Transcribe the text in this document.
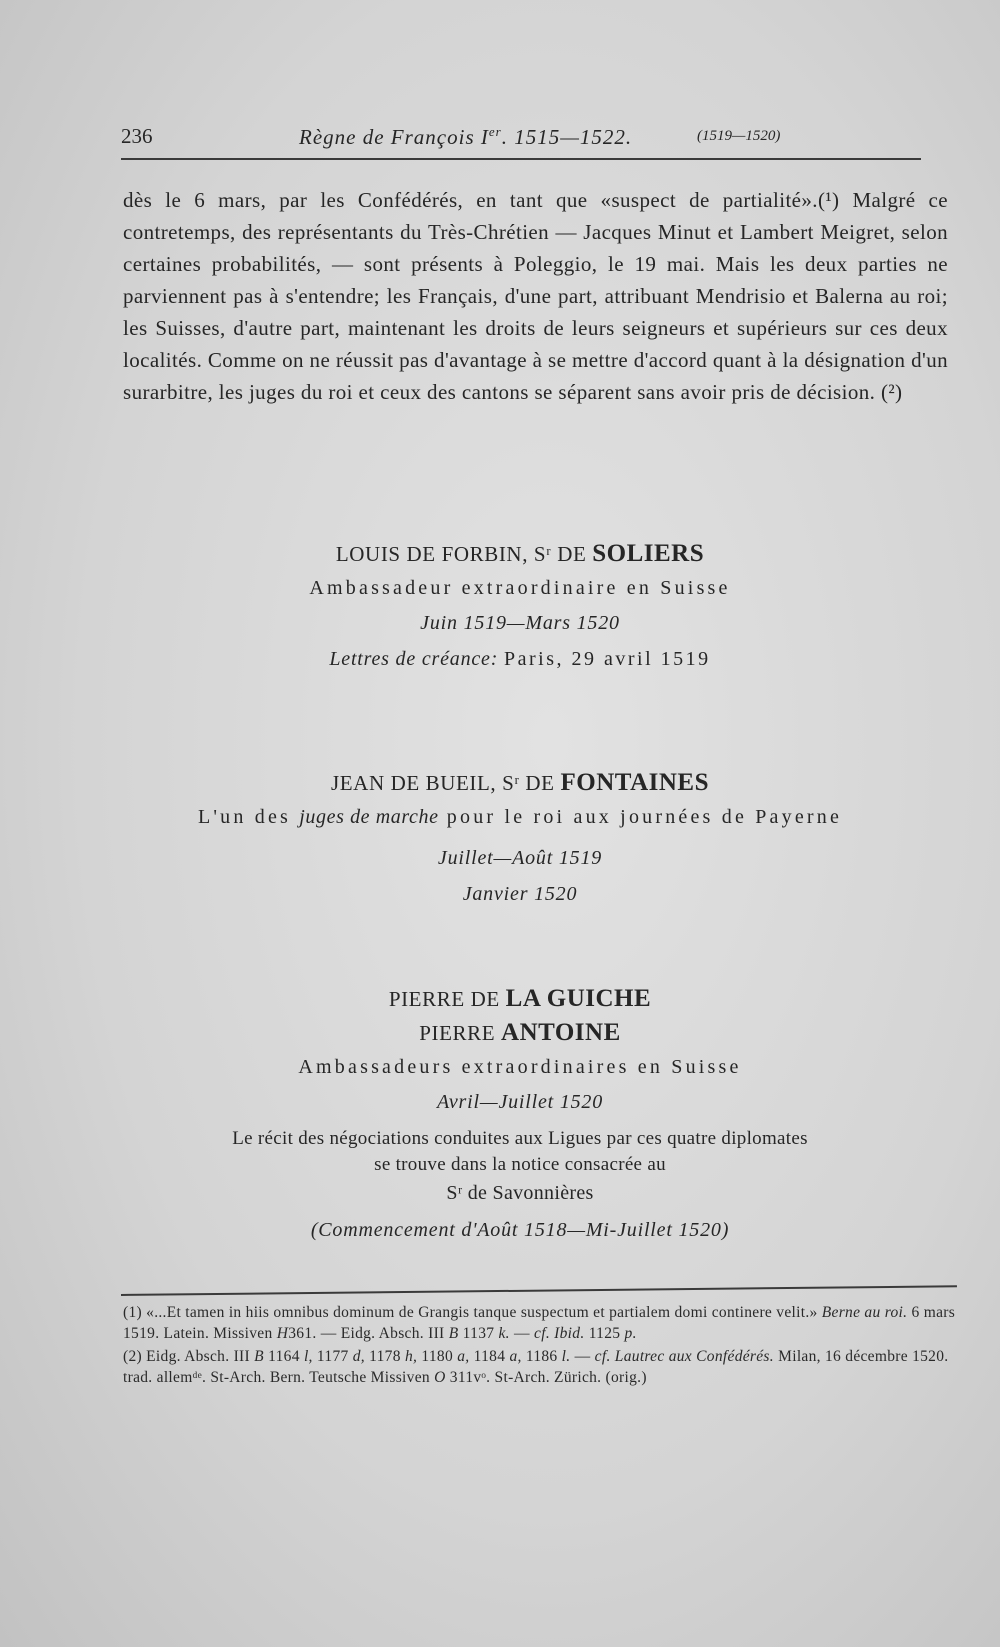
236	Règne de François Ier. 1515—1522.	(1519—1520)

dès le 6 mars, par les Confédérés, en tant que «suspect de partialité».(¹) Malgré ce contretemps, des représentants du Très-Chrétien — Jacques Minut et Lambert Meigret, selon certaines probabilités, — sont présents à Poleggio, le 19 mai. Mais les deux parties ne parviennent pas à s'entendre; les Français, d'une part, attribuant Mendrisio et Balerna au roi; les Suisses, d'autre part, maintenant les droits de leurs seigneurs et supérieurs sur ces deux localités. Comme on ne réussit pas d'avantage à se mettre d'accord quant à la désignation d'un surarbitre, les juges du roi et ceux des cantons se séparent sans avoir pris de décision. (²)

LOUIS DE FORBIN, Sʳ DE SOLIERS
Ambassadeur extraordinaire en Suisse
Juin 1519—Mars 1520
Lettres de créance: Paris, 29 avril 1519
JEAN DE BUEIL, Sʳ DE FONTAINES
L'un des juges de marche pour le roi aux journées de Payerne
Juillet—Août 1519
Janvier 1520
PIERRE DE LA GUICHE
PIERRE ANTOINE
Ambassadeurs extraordinaires en Suisse
Avril—Juillet 1520
Le récit des négociations conduites aux Ligues par ces quatre diplomates
se trouve dans la notice consacrée au
Sʳ de Savonnières
(Commencement d'Août 1518—Mi-Juillet 1520)

(1) «...Et tamen in hiis omnibus dominum de Grangis tanque suspectum et partialem domi continere velit.» Berne au roi. 6 mars 1519. Latein. Missiven H361. — Eidg. Absch. III B 1137 k. — cf. Ibid. 1125 p.

(2) Eidg. Absch. III B 1164 l, 1177 d, 1178 h, 1180 a, 1184 a, 1186 l. — cf. Lautrec aux Confédérés. Milan, 16 décembre 1520. trad. allemᵈᵉ. St-Arch. Bern. Teutsche Missiven O 311vᵒ. St-Arch. Zürich. (orig.)
